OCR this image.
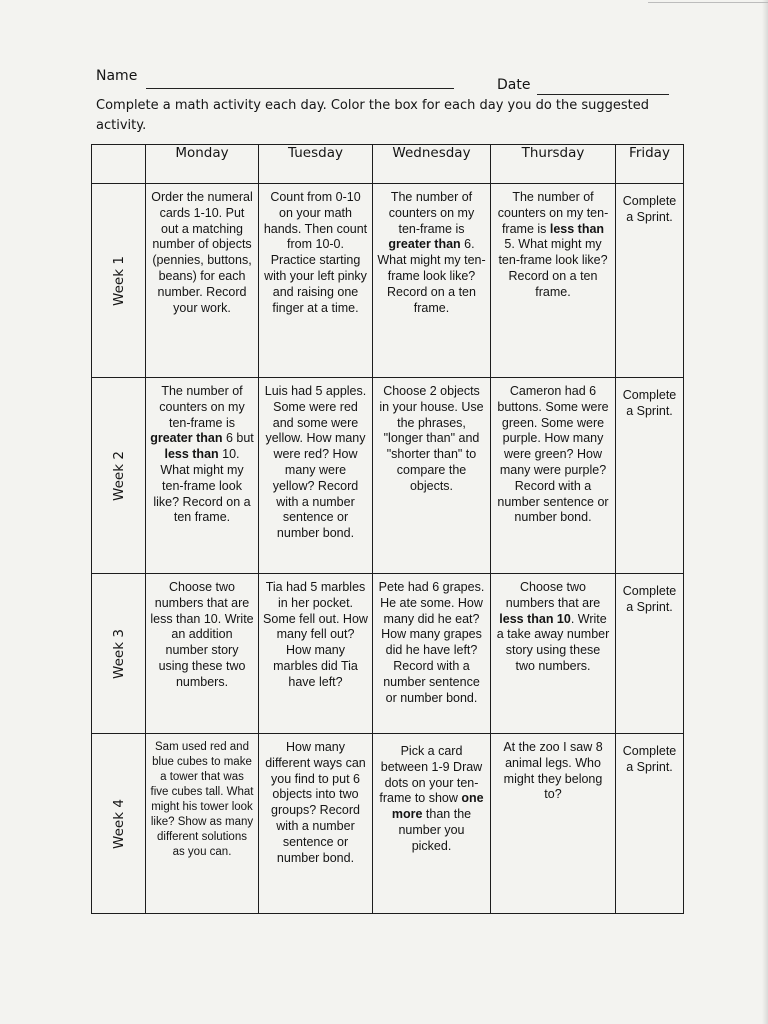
Name
Date
Complete a math activity each day. Color the box for each day you do the suggested activity.
	Monday	Tuesday	Wednesday	Thursday	Friday

Week 1	Order the numeral cards 1-10. Put out a matching number of objects (pennies, buttons, beans) for each number. Record your work.	Count from 0-10 on your math hands. Then count from 10-0. Practice starting with your left pinky and raising one finger at a time.	The number of counters on my ten-frame is greater than 6. What might my ten-frame look like? Record on a ten frame.	The number of counters on my ten-frame is less than 5. What might my ten-frame look like? Record on a ten frame.	Complete a Sprint.

Week 2	The number of counters on my ten-frame is greater than 6 but less than 10. What might my ten-frame look like? Record on a ten frame.	Luis had 5 apples. Some were red and some were yellow. How many were red? How many were yellow? Record with a number sentence or number bond.	Choose 2 objects in your house. Use the phrases, "longer than" and "shorter than" to compare the objects.	Cameron had 6 buttons. Some were green. Some were purple. How many were green? How many were purple? Record with a number sentence or number bond.	Complete a Sprint.

Week 3	Choose two numbers that are less than 10. Write an addition number story using these two numbers.	Tia had 5 marbles in her pocket. Some fell out. How many fell out? How many marbles did Tia have left?	Pete had 6 grapes. He ate some. How many did he eat? How many grapes did he have left? Record with a number sentence or number bond.	Choose two numbers that are less than 10. Write a take away number story using these two numbers.	Complete a Sprint.

Week 4	Sam used red and blue cubes to make a tower that was five cubes tall. What might his tower look like? Show as many different solutions as you can.	How many different ways can you find to put 6 objects into two groups? Record with a number sentence or number bond.	Pick a card between 1-9 Draw dots on your ten-frame to show one more than the number you picked.	At the zoo I saw 8 animal legs. Who might they belong to?	Complete a Sprint.
